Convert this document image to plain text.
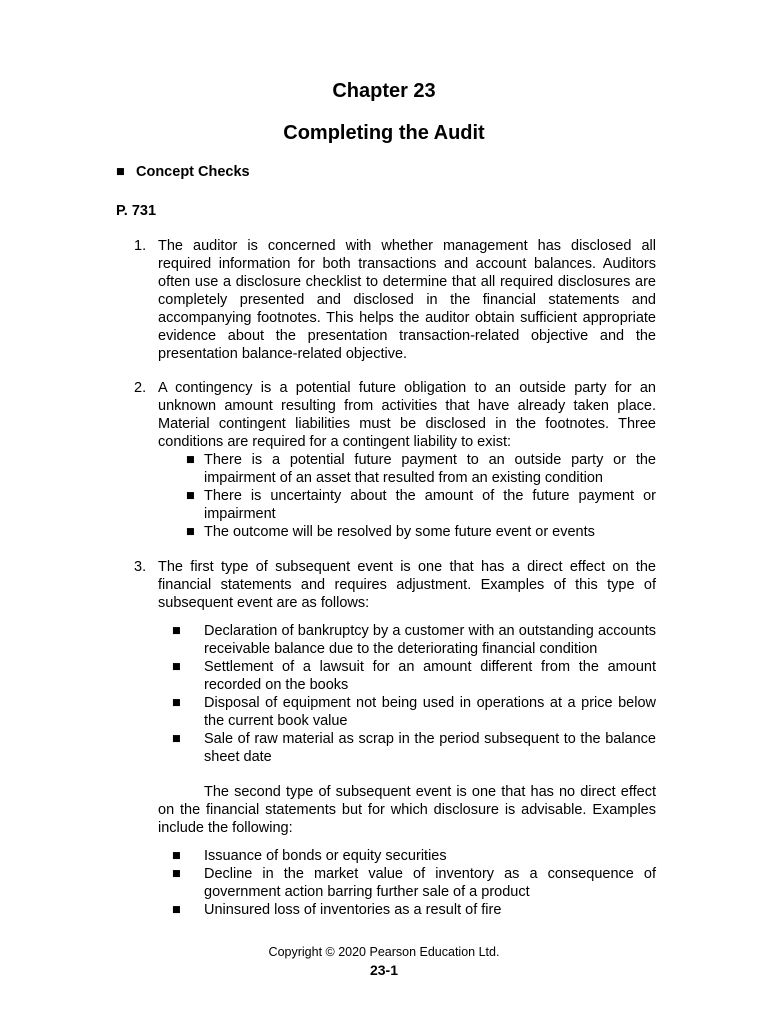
Chapter 23
Completing the Audit
■ Concept Checks
P. 731
1. The auditor is concerned with whether management has disclosed all required information for both transactions and account balances. Auditors often use a disclosure checklist to determine that all required disclosures are completely presented and disclosed in the financial statements and accompanying footnotes. This helps the auditor obtain sufficient appropriate evidence about the presentation transaction-related objective and the presentation balance-related objective.
2. A contingency is a potential future obligation to an outside party for an unknown amount resulting from activities that have already taken place. Material contingent liabilities must be disclosed in the footnotes. Three conditions are required for a contingent liability to exist:
■ There is a potential future payment to an outside party or the impairment of an asset that resulted from an existing condition
■ There is uncertainty about the amount of the future payment or impairment
■ The outcome will be resolved by some future event or events
3. The first type of subsequent event is one that has a direct effect on the financial statements and requires adjustment. Examples of this type of subsequent event are as follows:
■ Declaration of bankruptcy by a customer with an outstanding accounts receivable balance due to the deteriorating financial condition
■ Settlement of a lawsuit for an amount different from the amount recorded on the books
■ Disposal of equipment not being used in operations at a price below the current book value
■ Sale of raw material as scrap in the period subsequent to the balance sheet date
The second type of subsequent event is one that has no direct effect on the financial statements but for which disclosure is advisable. Examples include the following:
■ Issuance of bonds or equity securities
■ Decline in the market value of inventory as a consequence of government action barring further sale of a product
■ Uninsured loss of inventories as a result of fire
Copyright © 2020 Pearson Education Ltd.
23-1
